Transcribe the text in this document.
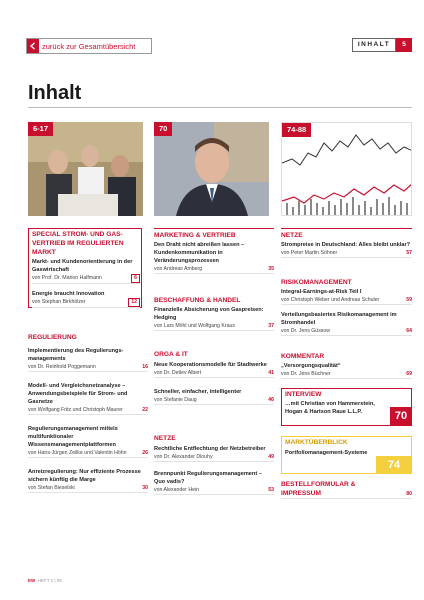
zurück zur Gesamtübersicht	INHALT	5
Inhalt
6-17	70	74-88
SPECIAL STROM- UND GAS-VERTRIEB IM REGULIERTEN MARKT
Markt- und Kundenorientierung in der Gaswirtschaft
von Prof. Dr. Marion Halfmann	6
Energie braucht Innovation
von Stephan Birkhölzer	12
REGULIERUNG
Implementierung des Regulierungs-managements
von Dr. Reinhold Poggemann	16
Modell- und Vergleichsnetzanalyse – Anwendungsbeispiele für Strom- und Gasnetze
von Wolfgang Fritz und Christoph Maurer	22
Regulierungsmanagement mittels multifunktionaler Wissensmanagementplattformen
von Hans-Jürgen Zeilke und Valentin Höhn	26
Anreizregulierung: Nur effiziente Prozesse sichern künftig die Marge
von Stefan Bieselski	30
MARKETING & VERTRIEB
Den Draht nicht abreißen lassen – Kundenkommunikation in Veränderungsprozessen
von Andreas Amberg	35
BESCHAFFUNG & HANDEL
Finanzielle Absicherung von Gaspreisen: Hedging
von Lars Möhl und Wolfgang Kraus	37
ORGA & IT
Neue Kooperationsmodelle für Stadtwerke
von Dr. Detlev Albert	41
Schneller, einfacher, intelligenter
von Stefanie Daug	46
NETZE
Rechtliche Entflechtung der Netzbetreiber
von Dr. Alexander Dlouhy	49
Brennpunkt Regulierungsmanagement – Quo vadis?
von Alexander Hein	53
NETZE
Strompreise in Deutschland: Alles bleibt unklar?
von Peter Martin Söhner	57
RISIKOMANAGEMENT
Integral-Earnings-at-Risk Teil I
von Christoph Weber und Andreas Schuler	59
Verteilungsbasiertes Risikomanagement im Stromhandel
von Dr. Jens Güssow	64
KOMMENTAR
„Versorgungsqualität“
von Dr. Jens Büchner	69
INTERVIEW
…mit Christian von Hammerstein, Hogan & Hartson Raue L.L.P.	70
MARKTÜBERBLICK
Portfoliomanagement-Systeme
74
BESTELLFORMULAR & IMPRESSUM	80
EW HEFT 1 | 05
